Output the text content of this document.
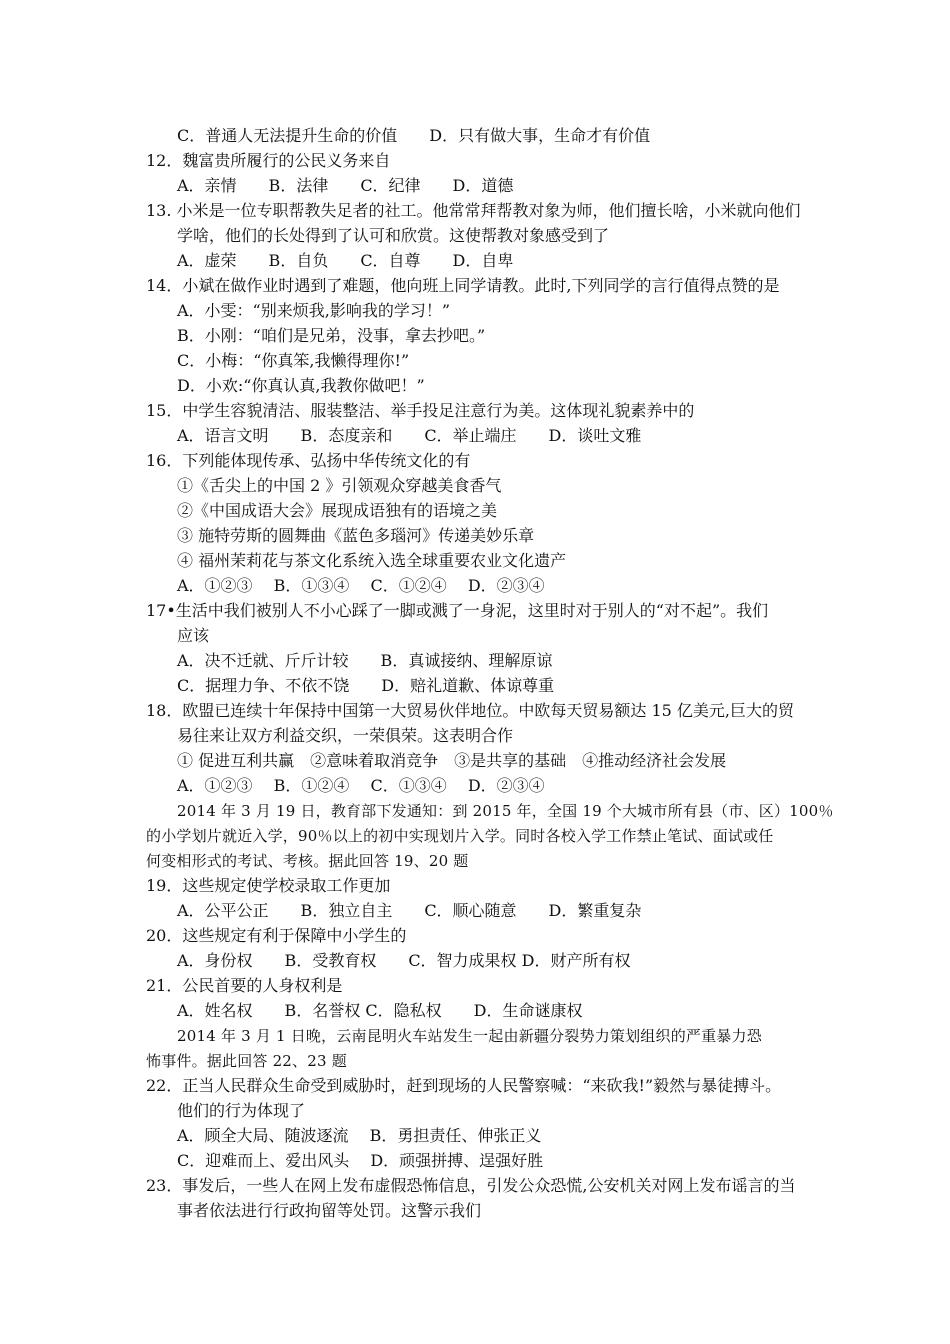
C．普通人无法提升生命的价值　　D．只有做大事，生命才有价值
12．魏富贵所履行的公民义务来自
A．亲情　　B．法律　　C．纪律　　D．道德
13. 小米是一位专职帮教失足者的社工。他常常拜帮教对象为师，他们擅长啥，小米就向他们
学啥，他们的长处得到了认可和欣赏。这使帮教对象感受到了
A．虚荣　　B．自负　　C．自尊　　D．自卑
14．小斌在做作业时遇到了难题，他向班上同学请教。此时,下列同学的言行值得点赞的是
A．小雯：“别来烦我,影响我的学习！”
B．小刚：“咱们是兄弟，没事，拿去抄吧。”
C．小梅：“你真笨,我懒得理你!”
D．小欢:“你真认真,我教你做吧！”
15．中学生容貌清洁、服装整洁、举手投足注意行为美。这体现礼貌素养中的
A．语言文明　　B．态度亲和　　C．举止端庄　　D．谈吐文雅
16．下列能体现传承、弘扬中华传统文化的有
①《舌尖上的中国 2 》引领观众穿越美食香气
②《中国成语大会》展现成语独有的语境之美
③ 施特劳斯的圆舞曲《蓝色多瑙河》传递美妙乐章
④ 福州茉莉花与茶文化系统入选全球重要农业文化遗产
A．①②③　 B．①③④　 C．①②④　 D．②③④
17•生活中我们被别人不小心踩了一脚或溅了一身泥，这里时对于别人的“对不起”。我们
应该
A．决不迁就、斤斤计较　　B．真诚接纳、理解原谅
C．据理力争、不依不饶　　D．赔礼道歉、体谅尊重
18．欧盟已连续十年保持中国第一大贸易伙伴地位。中欧每天贸易额达 15 亿美元,巨大的贸
易往来让双方利益交织，一荣俱荣。这表明合作
① 促进互利共赢　②意味着取消竞争　③是共享的基础　④推动经济社会发展
A．①②③　 B．①②④　 C．①③④　 D．②③④
2014 年 3 月 19 日，教育部下发通知：到 2015 年，全国 19 个大城市所有县（市、区）100％
的小学划片就近入学，90％以上的初中实现划片入学。同时各校入学工作禁止笔试、面试或任
何变相形式的考试、考核。据此回答 19、20 题
19．这些规定使学校录取工作更加
A．公平公正　　B．独立自主　　C．顺心随意　　D．繁重复杂
20．这些规定有利于保障中小学生的
A．身份权　　B．受教育权　　C．智力成果权 D．财产所有权
21．公民首要的人身权利是
A．姓名权　　B．名誉权 C．隐私权　　D．生命谜康权
2014 年 3 月 1 日晚，云南昆明火车站发生一起由新疆分裂势力策划组织的严重暴力恐
怖事件。据此回答 22、23 题
22．正当人民群众生命受到威胁时，赶到现场的人民警察喊：“来砍我!”毅然与暴徒搏斗。
他们的行为体现了
A．顾全大局、随波逐流　 B．勇担责任、伸张正义
C．迎难而上、爱出风头　 D．顽强拼搏、逞强好胜
23．事发后，一些人在网上发布虚假恐怖信息，引发公众恐慌,公安机关对网上发布谣言的当
事者依法进行行政拘留等处罚。这警示我们
